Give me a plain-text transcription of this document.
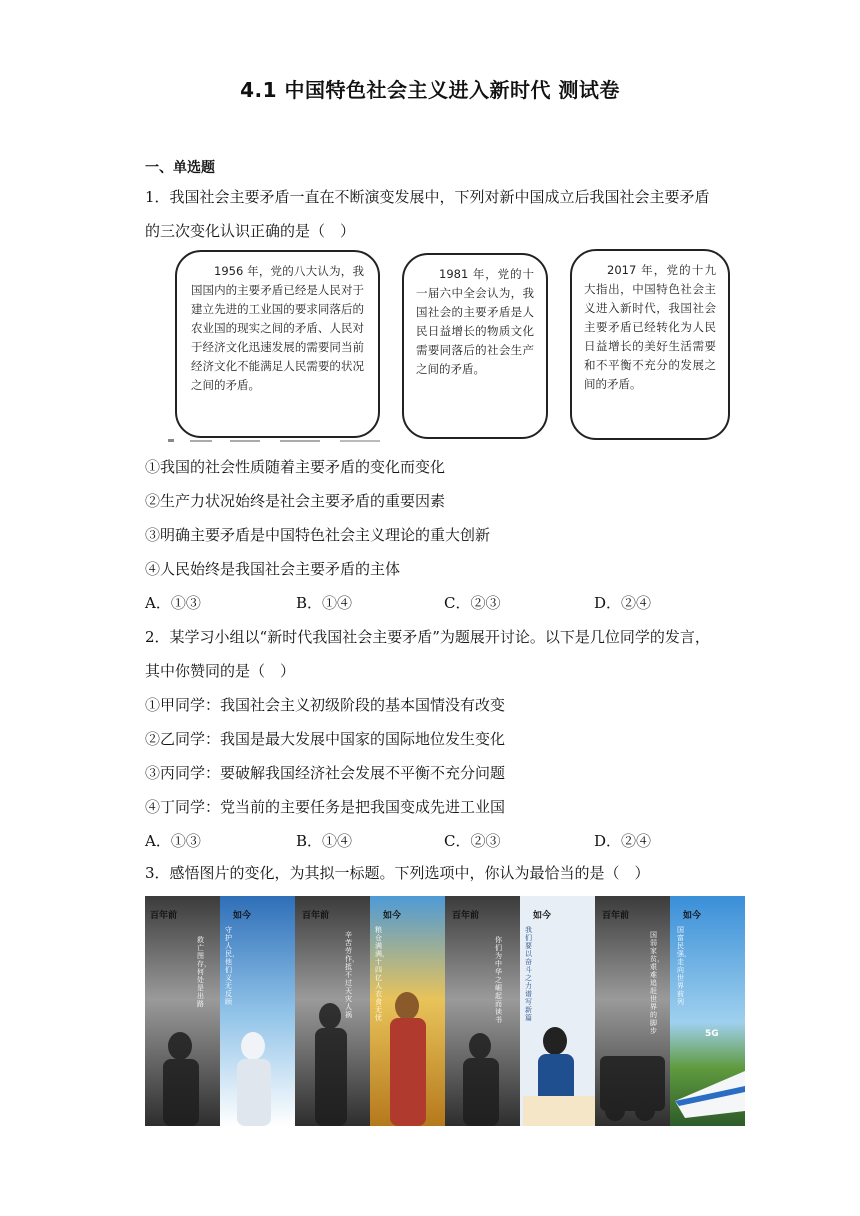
4.1 中国特色社会主义进入新时代 测试卷
一、单选题
1．我国社会主要矛盾一直在不断演变发展中，下列对新中国成立后我国社会主要矛盾
的三次变化认识正确的是（　）
1956 年，党的八大认为，我国国内的主要矛盾已经是人民对于建立先进的工业国的要求同落后的农业国的现实之间的矛盾、人民对于经济文化迅速发展的需要同当前经济文化不能满足人民需要的状况之间的矛盾。
1981 年，党的十一届六中全会认为，我国社会的主要矛盾是人民日益增长的物质文化需要同落后的社会生产之间的矛盾。
2017 年，党的十九大指出，中国特色社会主义进入新时代，我国社会主要矛盾已经转化为人民日益增长的美好生活需要和不平衡不充分的发展之间的矛盾。
①我国的社会性质随着主要矛盾的变化而变化
②生产力状况始终是社会主要矛盾的重要因素
③明确主要矛盾是中国特色社会主义理论的重大创新
④人民始终是我国社会主要矛盾的主体
A．①③	B．①④	C．②③	D．②④
2．某学习小组以“新时代我国社会主要矛盾”为题展开讨论。以下是几位同学的发言，
其中你赞同的是（　）
①甲同学：我国社会主义初级阶段的基本国情没有改变
②乙同学：我国是最大发展中国家的国际地位发生变化
③丙同学：要破解我国经济社会发展不平衡不充分问题
④丁同学：党当前的主要任务是把我国变成先进工业国
A．①③	B．①④	C．②③	D．②④
3．感悟图片的变化，为其拟一标题。下列选项中，你认为最恰当的是（　）
5G
百年前	如今	百年前	如今	百年前	如今	百年前	如今
救亡图存，何处是出路
守护人民，他们义无反顾
辛苦劳作，抵不过天灾人祸
粮仓满满，十四亿人衣食无忧
你们为中华之崛起而读书
我们要以奋斗之力谱写新篇
国弱家贫，艰难追赶世界的脚步
国富民强，走向世界前列
